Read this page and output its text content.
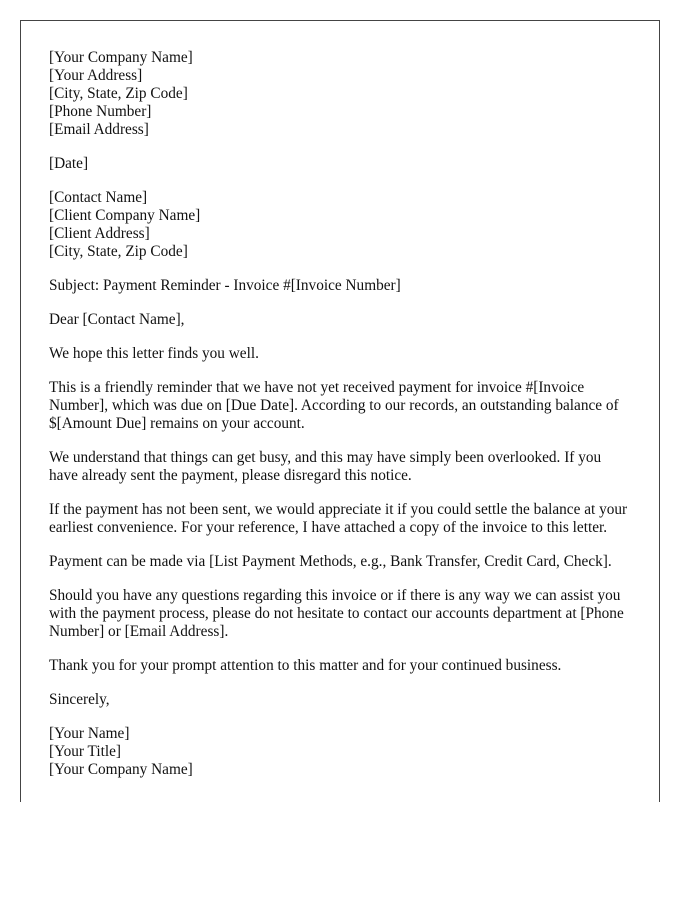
[Your Company Name]
[Your Address]
[City, State, Zip Code]
[Phone Number]
[Email Address]

[Date]

[Contact Name]
[Client Company Name]
[Client Address]
[City, State, Zip Code]

Subject: Payment Reminder - Invoice #[Invoice Number]

Dear [Contact Name],

We hope this letter finds you well.

This is a friendly reminder that we have not yet received payment for invoice #[Invoice Number], which was due on [Due Date]. According to our records, an outstanding balance of $[Amount Due] remains on your account.

We understand that things can get busy, and this may have simply been overlooked. If you have already sent the payment, please disregard this notice.

If the payment has not been sent, we would appreciate it if you could settle the balance at your earliest convenience. For your reference, I have attached a copy of the invoice to this letter.

Payment can be made via [List Payment Methods, e.g., Bank Transfer, Credit Card, Check].

Should you have any questions regarding this invoice or if there is any way we can assist you with the payment process, please do not hesitate to contact our accounts department at [Phone Number] or [Email Address].

Thank you for your prompt attention to this matter and for your continued business.

Sincerely,

[Your Name]
[Your Title]
[Your Company Name]
